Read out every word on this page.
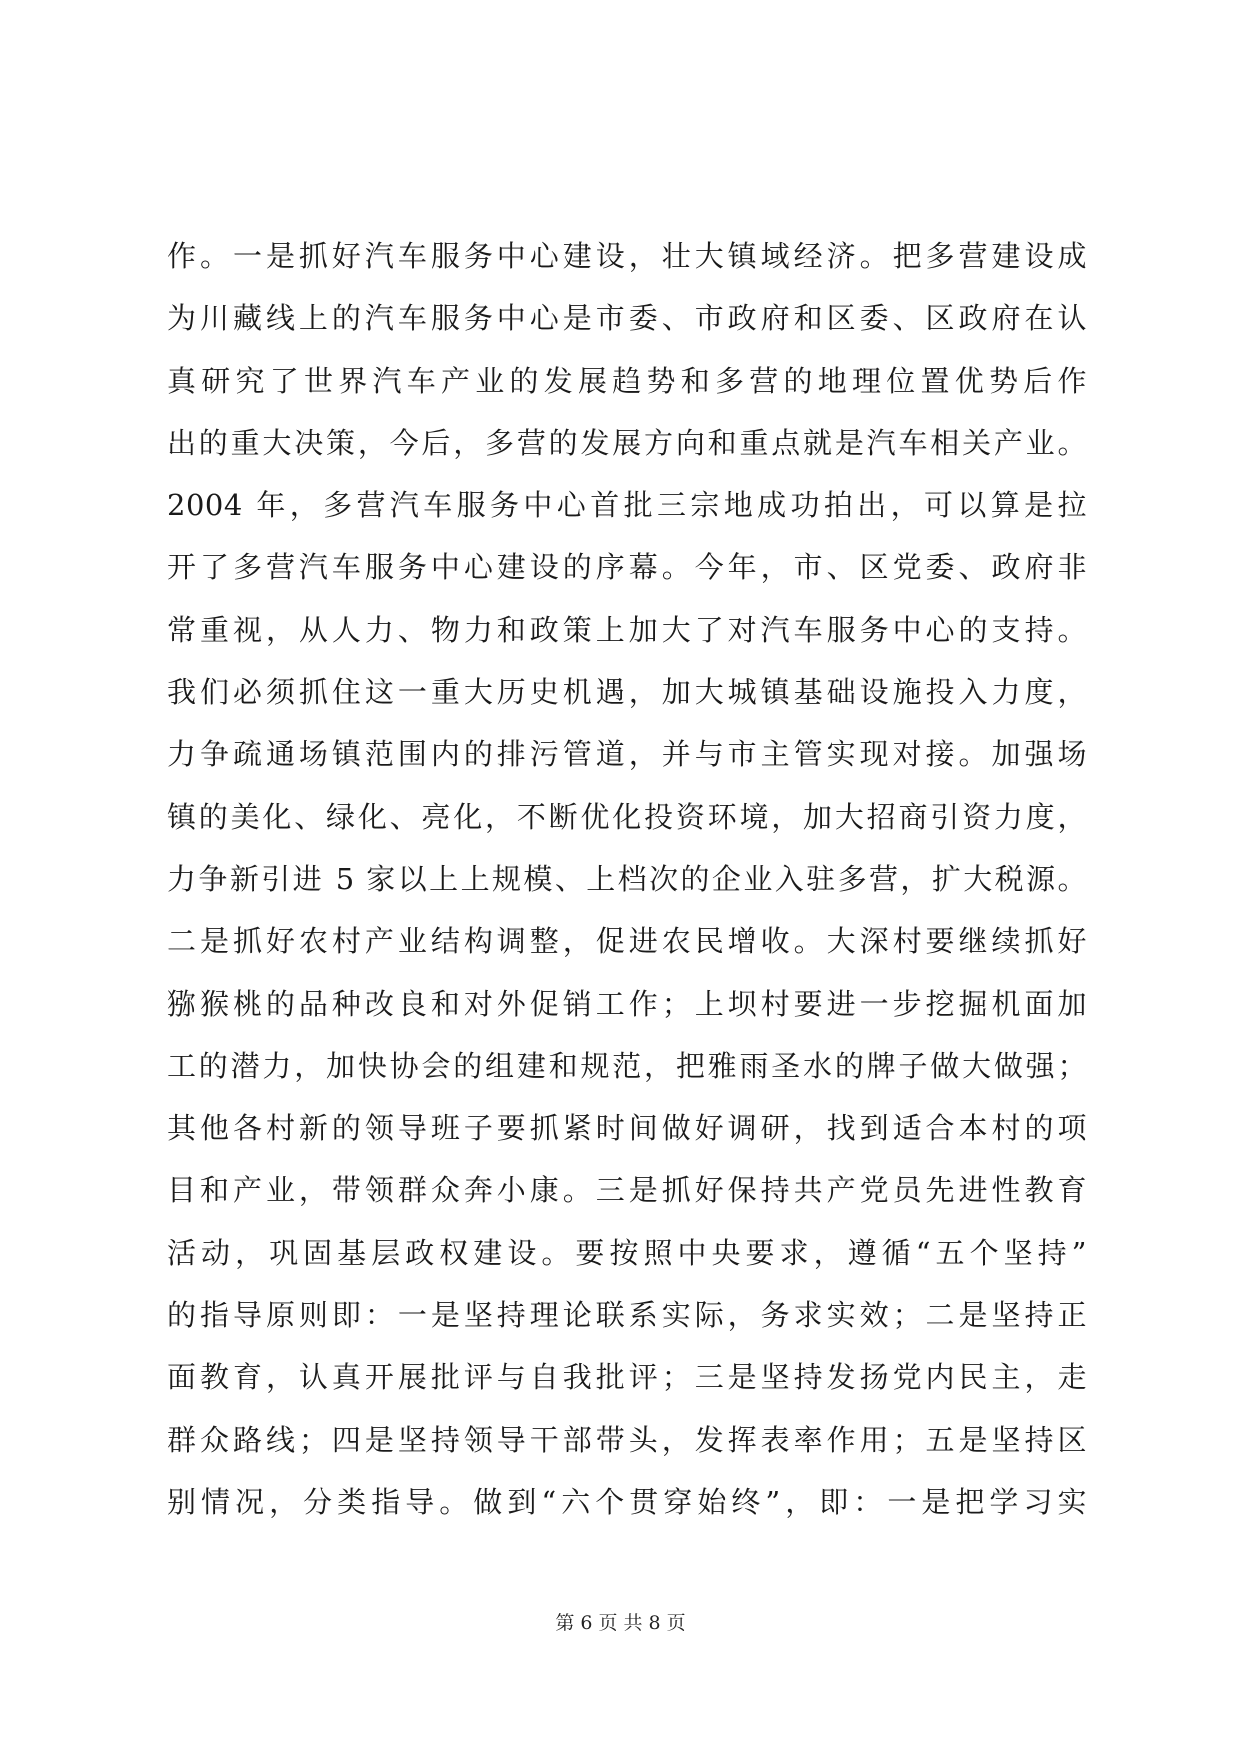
作。一是抓好汽车服务中心建设，壮大镇域经济。把多营建设成
为川藏线上的汽车服务中心是市委、市政府和区委、区政府在认
真研究了世界汽车产业的发展趋势和多营的地理位置优势后作
出的重大决策，今后，多营的发展方向和重点就是汽车相关产业。
2004 年，多营汽车服务中心首批三宗地成功拍出，可以算是拉
开了多营汽车服务中心建设的序幕。今年，市、区党委、政府非
常重视，从人力、物力和政策上加大了对汽车服务中心的支持。
我们必须抓住这一重大历史机遇，加大城镇基础设施投入力度，
力争疏通场镇范围内的排污管道，并与市主管实现对接。加强场
镇的美化、绿化、亮化，不断优化投资环境，加大招商引资力度，
力争新引进 5 家以上上规模、上档次的企业入驻多营，扩大税源。
二是抓好农村产业结构调整，促进农民增收。大深村要继续抓好
猕猴桃的品种改良和对外促销工作；上坝村要进一步挖掘机面加
工的潜力，加快协会的组建和规范，把雅雨圣水的牌子做大做强；
其他各村新的领导班子要抓紧时间做好调研，找到适合本村的项
目和产业，带领群众奔小康。三是抓好保持共产党员先进性教育
活动，巩固基层政权建设。要按照中央要求，遵循“五个坚持”
的指导原则即：一是坚持理论联系实际，务求实效；二是坚持正
面教育，认真开展批评与自我批评；三是坚持发扬党内民主，走
群众路线；四是坚持领导干部带头，发挥表率作用；五是坚持区
别情况，分类指导。做到“六个贯穿始终”，即：一是把学习实
第 6 页 共 8 页
